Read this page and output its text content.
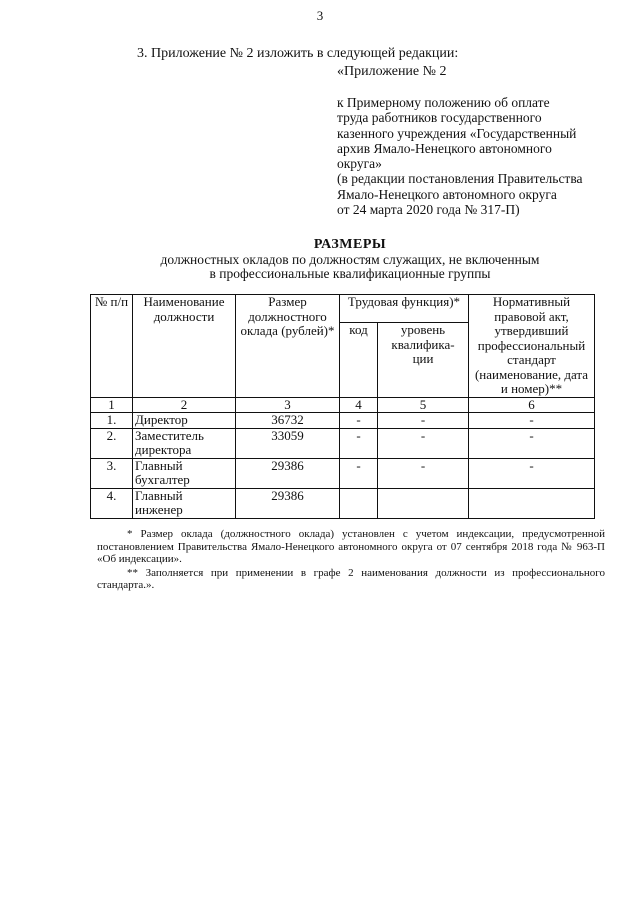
3
3. Приложение № 2 изложить в следующей редакции:
«Приложение № 2
к Примерному положению об оплате
труда работников государственного
казенного учреждения «Государственный
архив Ямало-Ненецкого автономного
округа»
(в редакции постановления Правительства
Ямало-Ненецкого автономного округа
от 24 марта 2020 года № 317-П)
РАЗМЕРЫ
должностных окладов по должностям служащих, не включенным
в профессиональные квалификационные группы
№ п/п	Наименование должности	Размер должностного оклада (рублей)*	Трудовая функция)*		Нормативный правовой акт, утвердивший профессиональный стандарт (наименование, дата и номер)**
			код	уровень квалифика- ции	
1	2	3	4	5	6
1.	Директор	36732	-	-	-
2.	Заместитель директора	33059	-	-	-
3.	Главный бухгалтер	29386	-	-	-
4.	Главный инженер	29386			

* Размер оклада (должностного оклада) установлен с учетом индексации, предусмотренной постановлением Правительства Ямало-Ненецкого автономного округа от 07 сентября 2018 года № 963-П «Об индексации».

** Заполняется при применении в графе 2 наименования должности из профессионального стандарта.».
